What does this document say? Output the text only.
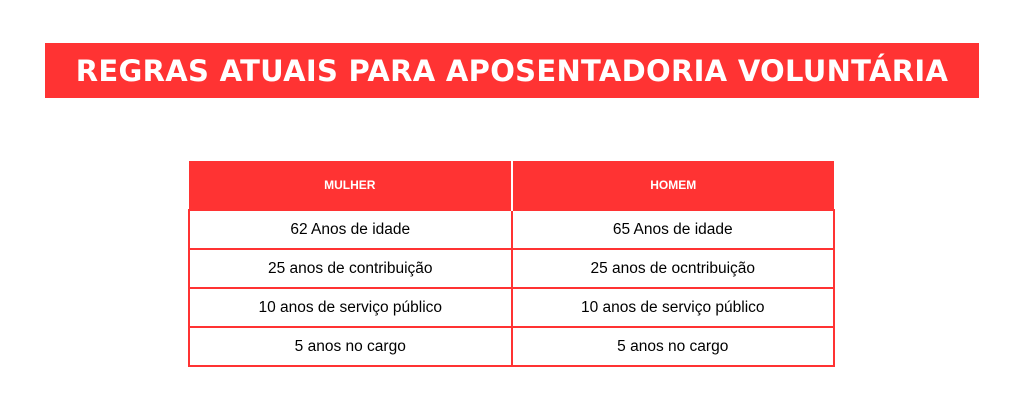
REGRAS ATUAIS PARA APOSENTADORIA VOLUNTÁRIA
MULHER	HOMEM
62 Anos de idade	65 Anos de idade
25 anos de contribuição	25 anos de ocntribuição
10 anos de serviço público	10 anos de serviço público
5 anos no cargo	5 anos no cargo
